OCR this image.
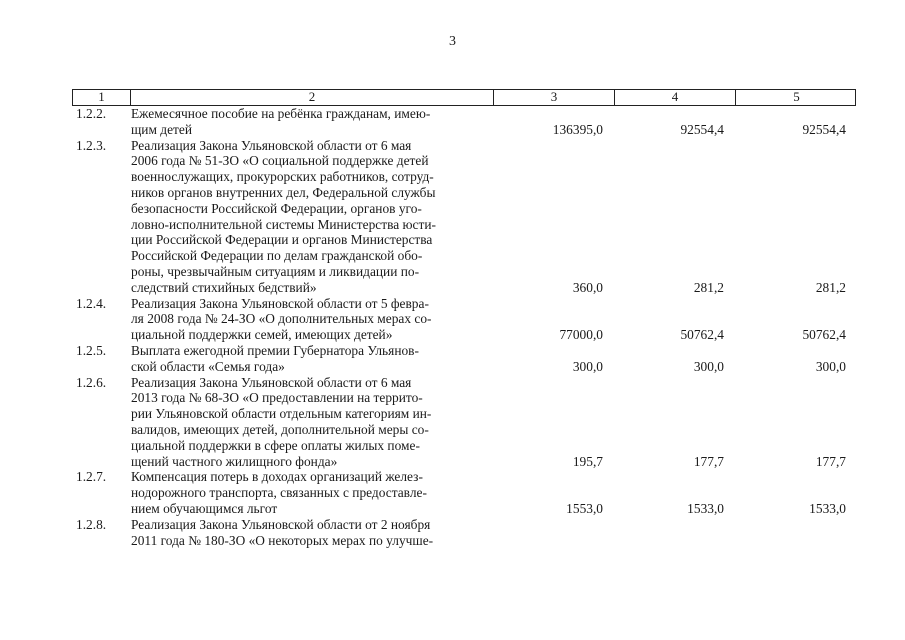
3
1	2	3	4	5
1.2.2.	Ежемесячное пособие на ребёнка гражданам, имею-
щим детей	136395,0	92554,4	92554,4
1.2.3.	Реализация Закона Ульяновской области от 6 мая
2006 года № 51-ЗО «О социальной поддержке детей
военнослужащих, прокурорских работников, сотруд-
ников органов внутренних дел, Федеральной службы
безопасности Российской Федерации, органов уго-
ловно-исполнительной системы Министерства юсти-
ции Российской Федерации и органов Министерства
Российской Федерации по делам гражданской обо-
роны, чрезвычайным ситуациям и ликвидации по-
следствий стихийных бедствий»	360,0	281,2	281,2
1.2.4.	Реализация Закона Ульяновской области от 5 февра-
ля 2008 года № 24-ЗО «О дополнительных мерах со-
циальной поддержки семей, имеющих детей»	77000,0	50762,4	50762,4
1.2.5.	Выплата ежегодной премии Губернатора Ульянов-
ской области «Семья года»	300,0	300,0	300,0
1.2.6.	Реализация Закона Ульяновской области от 6 мая
2013 года № 68-ЗО «О предоставлении на террито-
рии Ульяновской области отдельным категориям ин-
валидов, имеющих детей, дополнительной меры со-
циальной поддержки в сфере оплаты жилых поме-
щений частного жилищного фонда»	195,7	177,7	177,7
1.2.7.	Компенсация потерь в доходах организаций желез-
нодорожного транспорта, связанных с предоставле-
нием обучающимся льгот	1553,0	1533,0	1533,0
1.2.8.	Реализация Закона Ульяновской области от 2 ноября
2011 года № 180-ЗО «О некоторых мерах по улучше-
